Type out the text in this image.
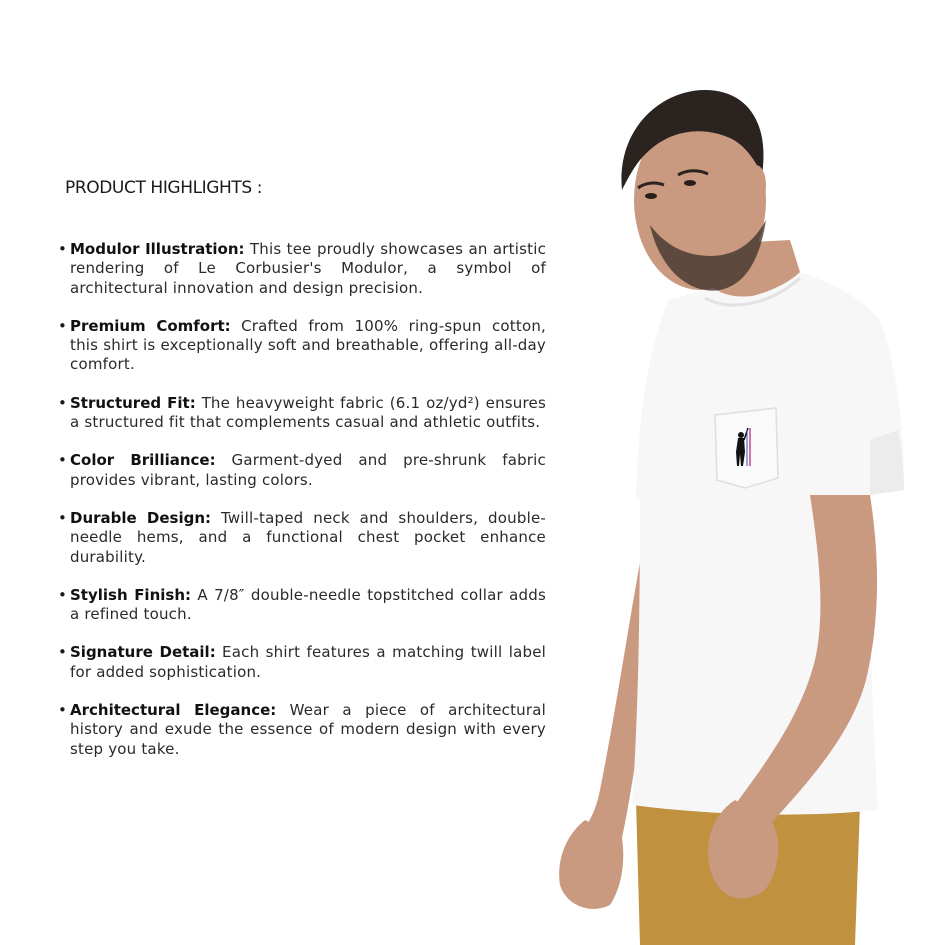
PRODUCT HIGHLIGHTS :
• Modulor Illustration: This tee proudly showcases an artistic rendering of Le Corbusier's Modulor, a symbol of architectural innovation and design precision.
• Premium Comfort: Crafted from 100% ring-spun cotton, this shirt is exceptionally soft and breathable, offering all-day comfort.
• Structured Fit: The heavyweight fabric (6.1 oz/yd²) ensures a structured fit that complements casual and athletic outfits.
• Color Brilliance: Garment-dyed and pre-shrunk fabric provides vibrant, lasting colors.
• Durable Design: Twill-taped neck and shoulders, double-needle hems, and a functional chest pocket enhance durability.
• Stylish Finish: A 7/8″ double-needle topstitched collar adds a refined touch.
• Signature Detail: Each shirt features a matching twill label for added sophistication.
• Architectural Elegance: Wear a piece of architectural history and exude the essence of modern design with every step you take.
